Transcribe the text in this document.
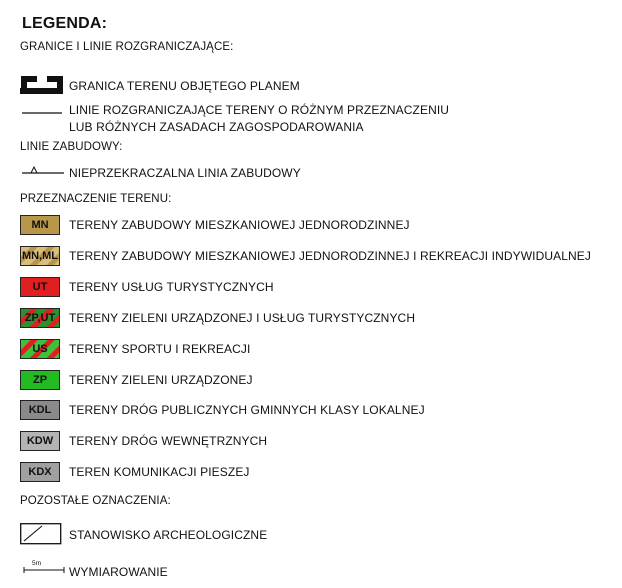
LEGENDA:
GRANICE I LINIE ROZGRANICZAJĄCE:
GRANICA TERENU OBJĘTEGO PLANEM
LINIE ROZGRANICZAJĄCE TERENY O RÓŻNYM PRZEZNACZENIU
LUB RÓŻNYCH ZASADACH ZAGOSPODAROWANIA
LINIE ZABUDOWY:
NIEPRZEKRACZALNA LINIA ZABUDOWY
PRZEZNACZENIE TERENU:
MN	TERENY ZABUDOWY MIESZKANIOWEJ JEDNORODZINNEJ
MN,ML TERENY ZABUDOWY MIESZKANIOWEJ JEDNORODZINNEJ I REKREACJI INDYWIDUALNEJ
UT	TERENY USŁUG TURYSTYCZNYCH
ZP,UT	TERENY ZIELENI URZĄDZONEJ I USŁUG TURYSTYCZNYCH
US	TERENY SPORTU I REKREACJI
ZP	TERENY ZIELENI URZĄDZONEJ
KDL	TERENY DRÓG PUBLICZNYCH GMINNYCH KLASY LOKALNEJ
KDW	TERENY DRÓG WEWNĘTRZNYCH
KDX	TEREN KOMUNIKACJI PIESZEJ
POZOSTAŁE OZNACZENIA:
STANOWISKO ARCHEOLOGICZNE
5m
WYMIAROWANIE
